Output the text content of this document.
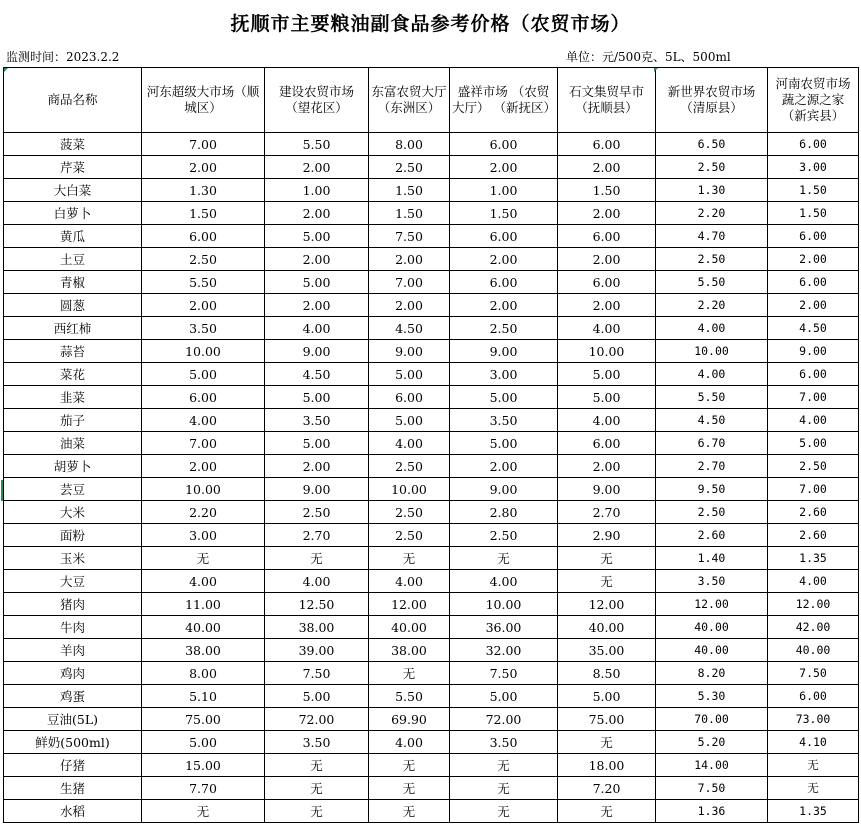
抚顺市主要粮油副食品参考价格（农贸市场）
监测时间：2023.2.2	单位：元/500克、5L、500ml
商品名称	河东超级大市场（顺城区）	建设农贸市场（望花区）	东富农贸大厅（东洲区）	盛祥市场 （农贸大厅） （新抚区）	石文集贸早市（抚顺县）	新世界农贸市场（清原县）	河南农贸市场蔬之源之家（新宾县）

菠菜	7.00	5.50	8.00	6.00	6.00	6.50	6.00
芹菜	2.00	2.00	2.50	2.00	2.00	2.50	3.00
大白菜	1.30	1.00	1.50	1.00	1.50	1.30	1.50
白萝卜	1.50	2.00	1.50	1.50	2.00	2.20	1.50
黄瓜	6.00	5.00	7.50	6.00	6.00	4.70	6.00
土豆	2.50	2.00	2.00	2.00	2.00	2.50	2.00
青椒	5.50	5.00	7.00	6.00	6.00	5.50	6.00
圆葱	2.00	2.00	2.00	2.00	2.00	2.20	2.00
西红柿	3.50	4.00	4.50	2.50	4.00	4.00	4.50
蒜苔	10.00	9.00	9.00	9.00	10.00	10.00	9.00
菜花	5.00	4.50	5.00	3.00	5.00	4.00	6.00
韭菜	6.00	5.00	6.00	5.00	5.00	5.50	7.00
茄子	4.00	3.50	5.00	3.50	4.00	4.50	4.00
油菜	7.00	5.00	4.00	5.00	6.00	6.70	5.00
胡萝卜	2.00	2.00	2.50	2.00	2.00	2.70	2.50
芸豆	10.00	9.00	10.00	9.00	9.00	9.50	7.00
大米	2.20	2.50	2.50	2.80	2.70	2.50	2.60
面粉	3.00	2.70	2.50	2.50	2.90	2.60	2.60
玉米	无	无	无	无	无	1.40	1.35
大豆	4.00	4.00	4.00	4.00	无	3.50	4.00
猪肉	11.00	12.50	12.00	10.00	12.00	12.00	12.00
牛肉	40.00	38.00	40.00	36.00	40.00	40.00	42.00
羊肉	38.00	39.00	38.00	32.00	35.00	40.00	40.00
鸡肉	8.00	7.50	无	7.50	8.50	8.20	7.50
鸡蛋	5.10	5.00	5.50	5.00	5.00	5.30	6.00
豆油(5L)	75.00	72.00	69.90	72.00	75.00	70.00	73.00
鲜奶(500ml)	5.00	3.50	4.00	3.50	无	5.20	4.10
仔猪	15.00	无	无	无	18.00	14.00	无
生猪	7.70	无	无	无	7.20	7.50	无
水稻	无	无	无	无	无	1.36	1.35
